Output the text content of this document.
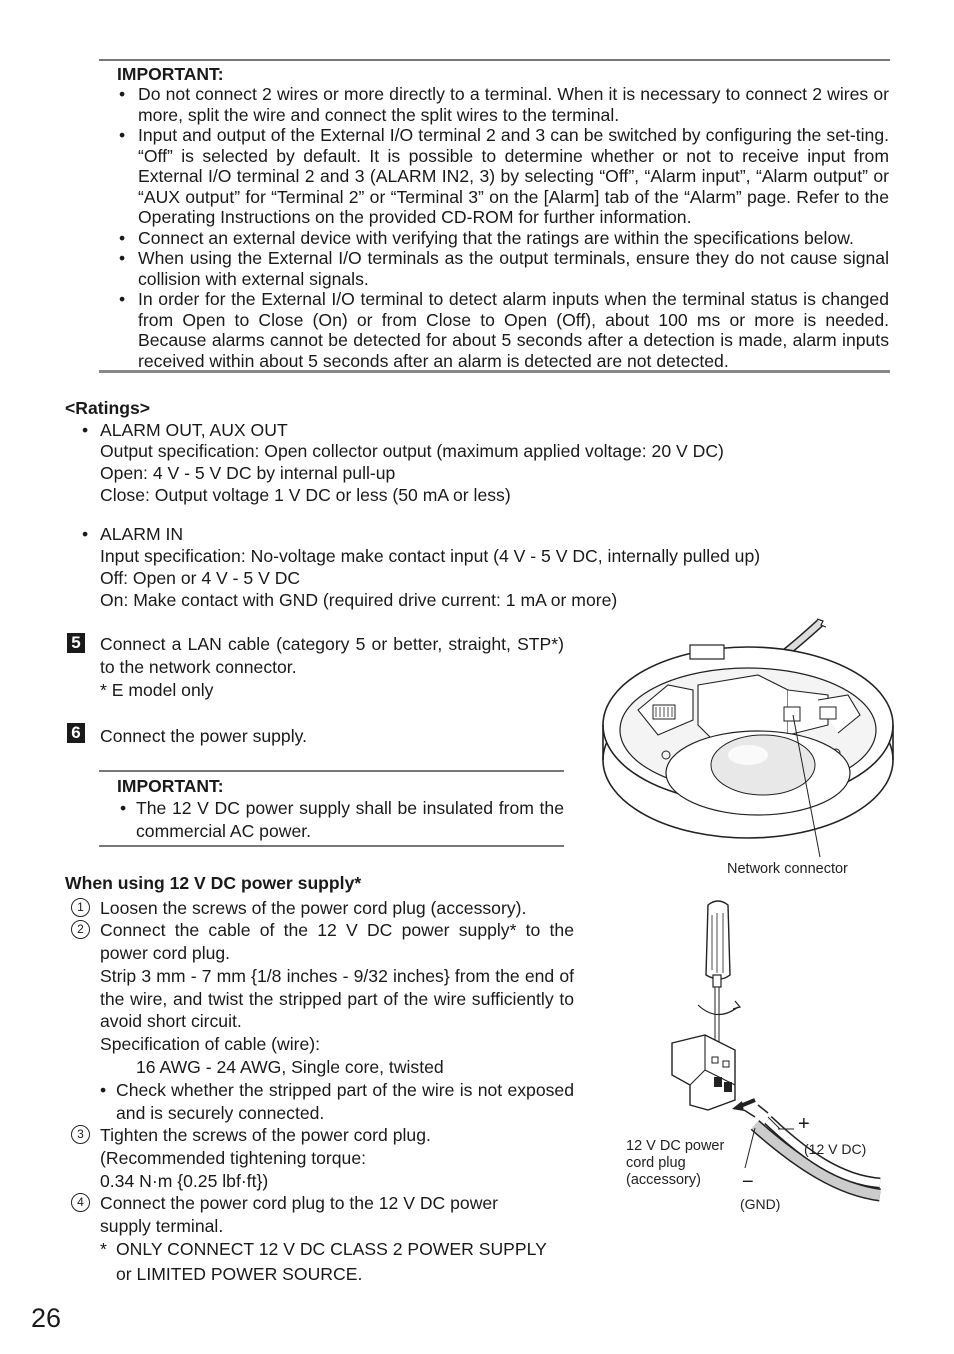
IMPORTANT:
• Do not connect 2 wires or more directly to a terminal. When it is necessary to connect 2 wires or more, split the wire and connect the split wires to the terminal.
• Input and output of the External I/O terminal 2 and 3 can be switched by configuring the set-ting. “Off” is selected by default. It is possible to determine whether or not to receive input from External I/O terminal 2 and 3 (ALARM IN2, 3) by selecting “Off”, “Alarm input”, “Alarm output” or “AUX output” for “Terminal 2” or “Terminal 3” on the [Alarm] tab of the “Alarm” page. Refer to the Operating Instructions on the provided CD-ROM for further information.
• Connect an external device with verifying that the ratings are within the specifications below.
• When using the External I/O terminals as the output terminals, ensure they do not cause signal collision with external signals.
• In order for the External I/O terminal to detect alarm inputs when the terminal status is changed from Open to Close (On) or from Close to Open (Off), about 100 ms or more is needed. Because alarms cannot be detected for about 5 seconds after a detection is made, alarm inputs received within about 5 seconds after an alarm is detected are not detected.
<Ratings>
• ALARM OUT, AUX OUT
Output specification: Open collector output (maximum applied voltage: 20 V DC)
Open: 4 V - 5 V DC by internal pull-up
Close: Output voltage 1 V DC or less (50 mA or less)
• ALARM IN
Input specification: No-voltage make contact input (4 V - 5 V DC, internally pulled up)
Off: Open or 4 V - 5 V DC
On: Make contact with GND (required drive current: 1 mA or more)
5 Connect a LAN cable (category 5 or better, straight, STP*) to the network connector.
* E model only
6 Connect the power supply.
IMPORTANT:
• The 12 V DC power supply shall be insulated from the commercial AC power.
When using 12 V DC power supply*
1 Loosen the screws of the power cord plug (accessory).
2 Connect the cable of the 12 V DC power supply* to the power cord plug.
Strip 3 mm - 7 mm {1/8 inches - 9/32 inches} from the end of the wire, and twist the stripped part of the wire sufficiently to avoid short circuit.
Specification of cable (wire):
16 AWG - 24 AWG, Single core, twisted
• Check whether the stripped part of the wire is not exposed and is securely connected.
3 Tighten the screws of the power cord plug.
(Recommended tightening torque:
0.34 N·m {0.25 lbf·ft})
4 Connect the power cord plug to the 12 V DC power
supply terminal.
* ONLY CONNECT 12 V DC CLASS 2 POWER SUPPLY
or LIMITED POWER SOURCE.
Network connector
+
−
(12 V DC)
(GND)
12 V DC power
cord plug
(accessory)
26
